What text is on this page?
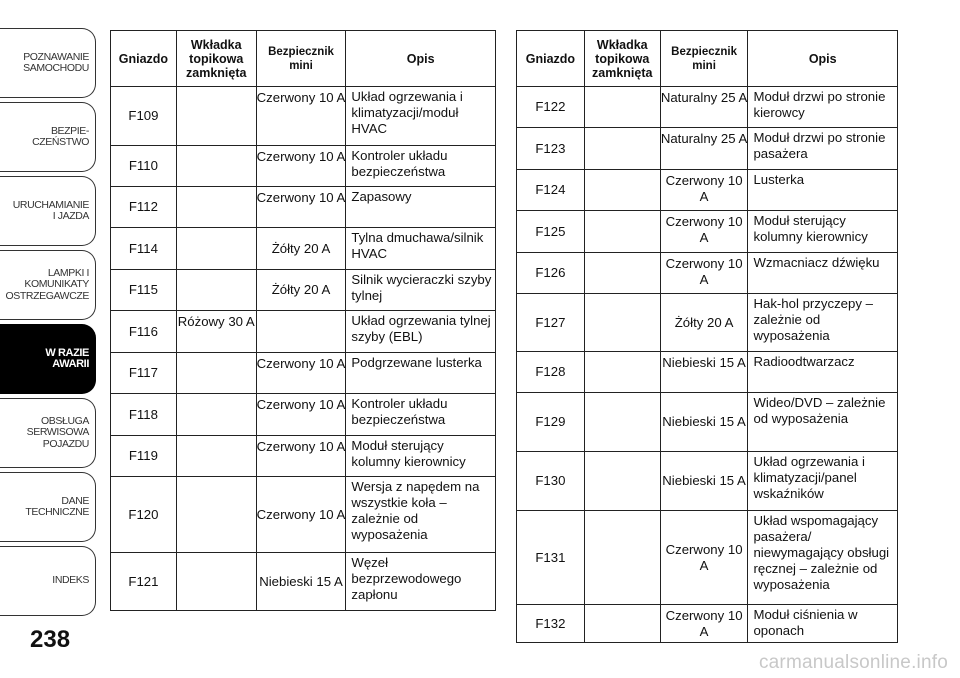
POZNAWANIE
SAMOCHODU
BEZPIE-
CZEŃSTWO
URUCHAMIANIE
I JAZDA
LAMPKI I
KOMUNIKATY
OSTRZEGAWCZE
W RAZIE
AWARII
OBSŁUGA
SERWISOWA
POJAZDU
DANE
TECHNICZNE
INDEKS
238
Gniazdo	Wkładka topikowa zamknięta	Bezpiecznik mini	Opis
F109		Czerwony 10 A	Układ ogrzewania i klimatyzacji/moduł HVAC
F110		Czerwony 10 A	Kontroler układu bezpieczeństwa
F112		Czerwony 10 A	Zapasowy
F114		Żółty 20 A	Tylna dmuchawa/silnik HVAC
F115		Żółty 20 A	Silnik wycieraczki szyby tylnej
F116	Różowy 30 A		Układ ogrzewania tylnej szyby (EBL)
F117		Czerwony 10 A	Podgrzewane lusterka
F118		Czerwony 10 A	Kontroler układu bezpieczeństwa
F119		Czerwony 10 A	Moduł sterujący kolumny kierownicy
F120		Czerwony 10 A	Wersja z napędem na wszystkie koła – zależnie od wyposażenia
F121		Niebieski 15 A	Węzeł bezprzewodowego zapłonu
Gniazdo	Wkładka topikowa zamknięta	Bezpiecznik mini	Opis
F122		Naturalny 25 A	Moduł drzwi po stronie kierowcy
F123		Naturalny 25 A	Moduł drzwi po stronie pasażera
F124		Czerwony 10 A	Lusterka
F125		Czerwony 10 A	Moduł sterujący kolumny kierownicy
F126		Czerwony 10 A	Wzmacniacz dźwięku
F127		Żółty 20 A	Hak-hol przyczepy – zależnie od wyposażenia
F128		Niebieski 15 A	Radioodtwarzacz
F129		Niebieski 15 A	Wideo/DVD – zależnie od wyposażenia
F130		Niebieski 15 A	Układ ogrzewania i klimatyzacji/panel wskaźników
F131		Czerwony 10 A	Układ wspomagający pasażera/ niewymagający obsługi ręcznej – zależnie od wyposażenia
F132		Czerwony 10 A	Moduł ciśnienia w oponach
carmanualsonline.info
